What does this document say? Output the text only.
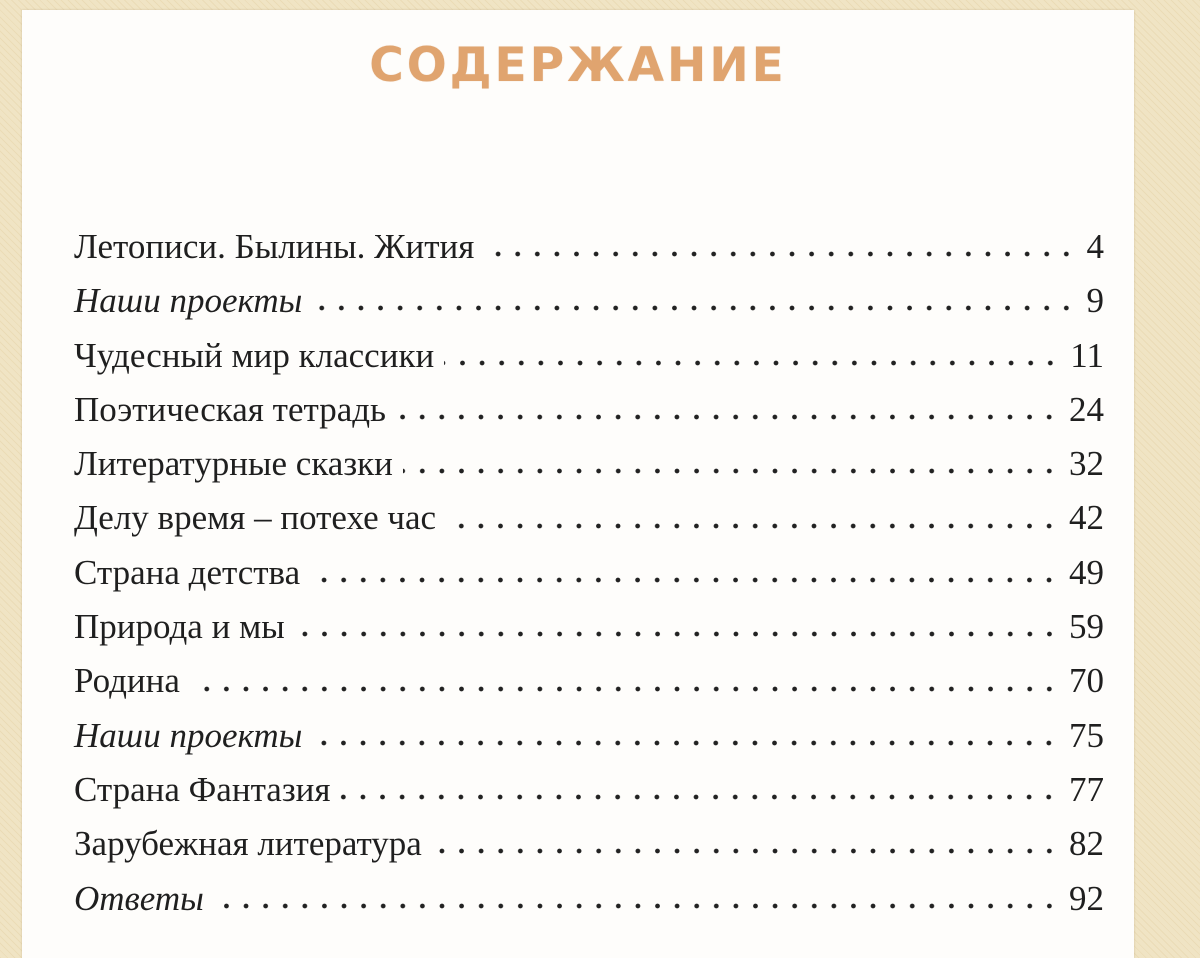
СОДЕРЖАНИЕ
Летописи. Былины. Жития	4
Наши проекты	9
Чудесный мир классики	11
Поэтическая тетрадь	24
Литературные сказки	32
Делу время – потехе час	42
Страна детства	49
Природа и мы	59
Родина	70
Наши проекты	75
Страна Фантазия	77
Зарубежная литература	82
Ответы	92
